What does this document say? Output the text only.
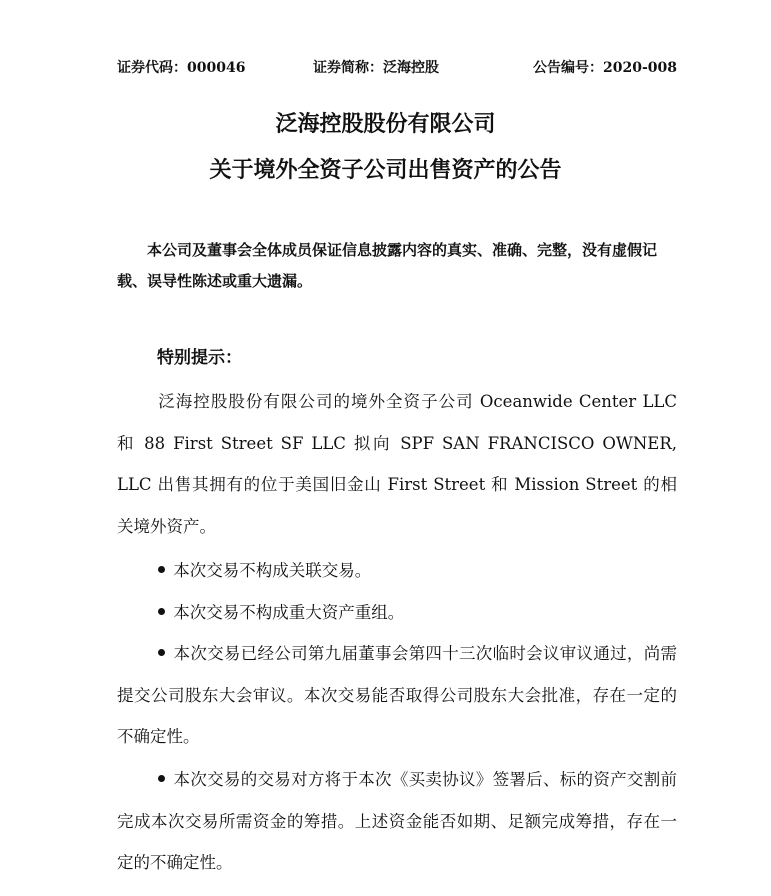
证券代码：000046	证券简称：泛海控股	公告编号：2020-008
泛海控股股份有限公司
关于境外全资子公司出售资产的公告

本公司及董事会全体成员保证信息披露内容的真实、准确、完整，没有虚假记载、误导性陈述或重大遗漏。

特别提示：

泛海控股股份有限公司的境外全资子公司 Oceanwide Center LLC 和 88 First Street SF LLC 拟向 SPF SAN FRANCISCO OWNER, LLC 出售其拥有的位于美国旧金山 First Street 和 Mission Street 的相关境外资产。

本次交易不构成关联交易。

本次交易不构成重大资产重组。

本次交易已经公司第九届董事会第四十三次临时会议审议通过，尚需提交公司股东大会审议。本次交易能否取得公司股东大会批准，存在一定的不确定性。

本次交易的交易对方将于本次《买卖协议》签署后、标的资产交割前完成本次交易所需资金的筹措。上述资金能否如期、足额完成筹措，存在一定的不确定性。
